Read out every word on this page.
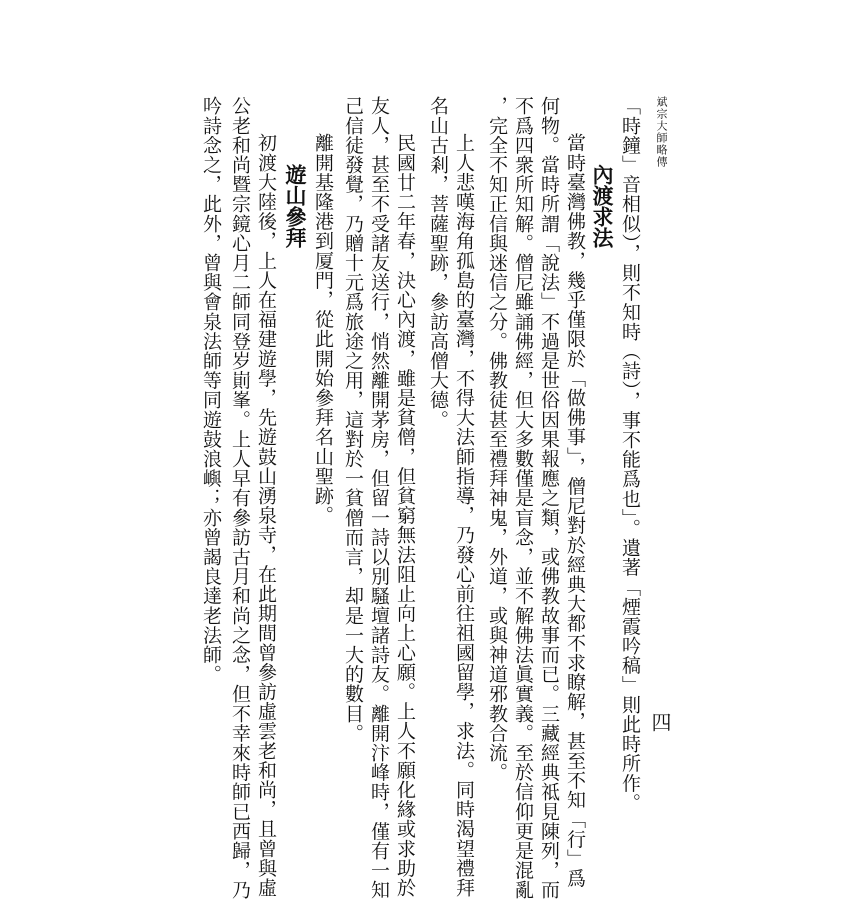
斌宗大師略傳
「時鐘」音相似），則不知時（詩），事不能爲也」。遺著「煙霞吟稿」則此時所作。
內渡求法
當時臺灣佛教，幾乎僅限於「做佛事」，僧尼對於經典大都不求瞭解，甚至不知「行」爲
何物。當時所謂「說法」不過是世俗因果報應之類，或佛教故事而已。三藏經典祗見陳列，而
不爲四衆所知解。僧尼雖誦佛經，但大多數僅是盲念，並不解佛法眞實義。至於信仰更是混亂
，完全不知正信與迷信之分。佛教徒甚至禮拜神鬼，外道，或與神道邪教合流。
上人悲嘆海角孤島的臺灣，不得大法師指導，乃發心前往祖國留學，求法。同時渴望禮拜
名山古剎，菩薩聖跡，參訪高僧大德。
民國廿二年春，決心內渡，雖是貧僧，但貧窮無法阻止向上心願。上人不願化緣或求助於
友人，甚至不受諸友送行，悄然離開茅房，但留一詩以別騷壇諸詩友。離開汴峰時，僅有一知
己信徒發覺，乃贈十元爲旅途之用，這對於一貧僧而言，却是一大的數目。
離開基隆港到厦門，從此開始參拜名山聖跡。
遊山參拜
初渡大陸後，上人在福建遊學，先遊鼓山湧泉寺，在此期間曾參訪虛雲老和尚，且曾與虛
公老和尚暨宗鏡心月二師同登岁崱峯。上人早有參訪古月和尚之念，但不幸來時師已西歸，乃
吟詩念之，此外，曾與會泉法師等同遊鼓浪嶼；亦曾謁良達老法師。
四
